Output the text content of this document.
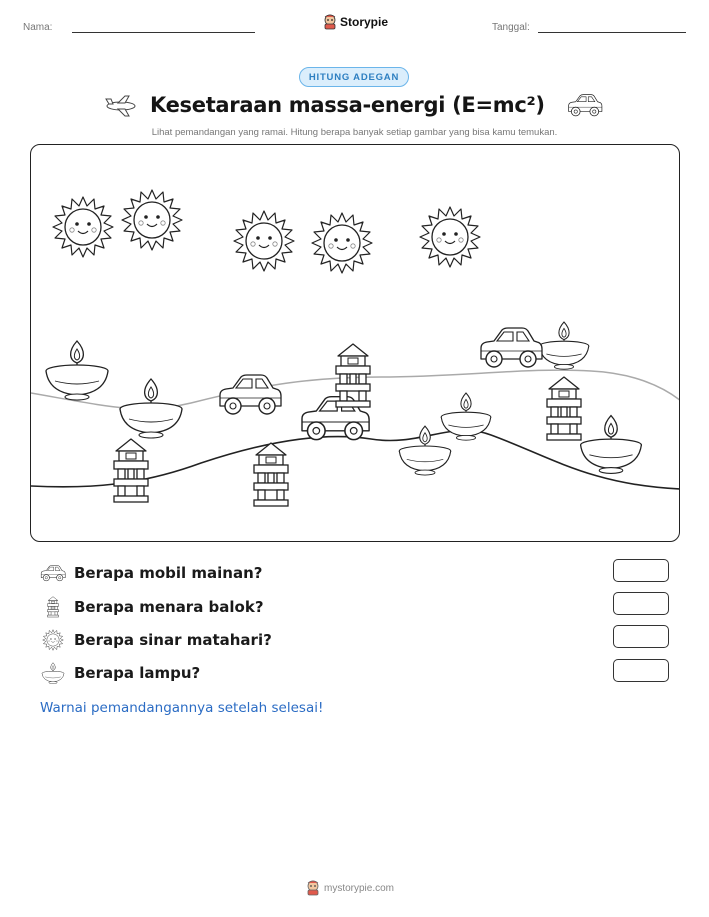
Nama:	Storypie	Tanggal:
HITUNG ADEGAN
Kesetaraan massa-energi (E=mc²)
Lihat pemandangan yang ramai. Hitung berapa banyak setiap gambar yang bisa kamu temukan.
Berapa mobil mainan?
Berapa menara balok?
Berapa sinar matahari?
Berapa lampu?
Warnai pemandangannya setelah selesai!
mystorypie.com
